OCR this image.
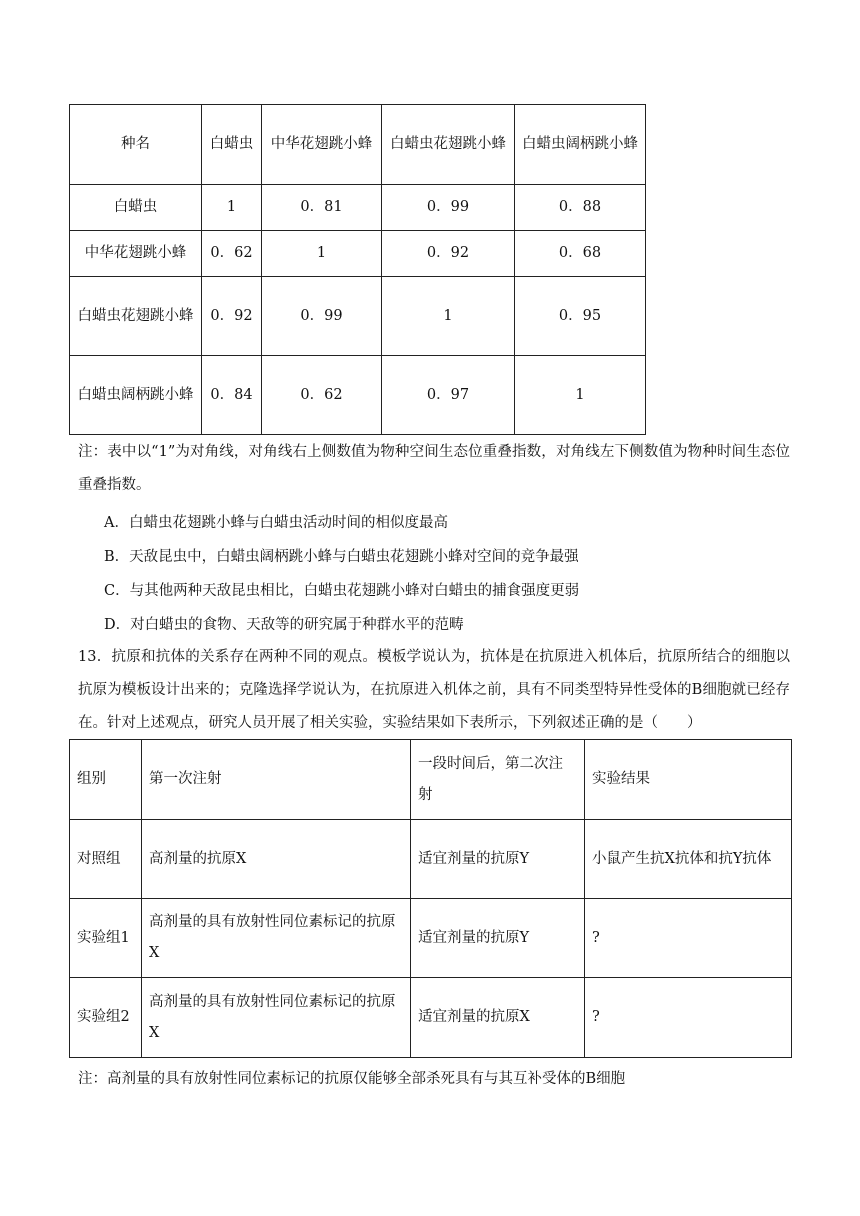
种名	白蜡虫	中华花翅跳小蜂	白蜡虫花翅跳小蜂	白蜡虫阔柄跳小蜂
白蜡虫	1	0．81	0．99	0．88
中华花翅跳小蜂	0．62	1	0．92	0．68
白蜡虫花翅跳小蜂	0．92	0．99	1	0．95
白蜡虫阔柄跳小蜂	0．84	0．62	0．97	1
注：表中以“1”为对角线，对角线右上侧数值为物种空间生态位重叠指数，对角线左下侧数值为物种时间生态位重叠指数。
A．白蜡虫花翅跳小蜂与白蜡虫活动时间的相似度最高
B．天敌昆虫中，白蜡虫阔柄跳小蜂与白蜡虫花翅跳小蜂对空间的竞争最强
C．与其他两种天敌昆虫相比，白蜡虫花翅跳小蜂对白蜡虫的捕食强度更弱
D．对白蜡虫的食物、天敌等的研究属于种群水平的范畴
13．抗原和抗体的关系存在两种不同的观点。模板学说认为，抗体是在抗原进入机体后，抗原所结合的细胞以抗原为模板设计出来的；克隆选择学说认为，在抗原进入机体之前，具有不同类型特异性受体的B细胞就已经存在。针对上述观点，研究人员开展了相关实验，实验结果如下表所示，下列叙述正确的是（　　）
组别	第一次注射	一段时间后，第二次注射	实验结果
对照组	高剂量的抗原X	适宜剂量的抗原Y	小鼠产生抗X抗体和抗Y抗体
实验组1	高剂量的具有放射性同位素标记的抗原X	适宜剂量的抗原Y	?
实验组2	高剂量的具有放射性同位素标记的抗原X	适宜剂量的抗原X	?
注：高剂量的具有放射性同位素标记的抗原仅能够全部杀死具有与其互补受体的B细胞
